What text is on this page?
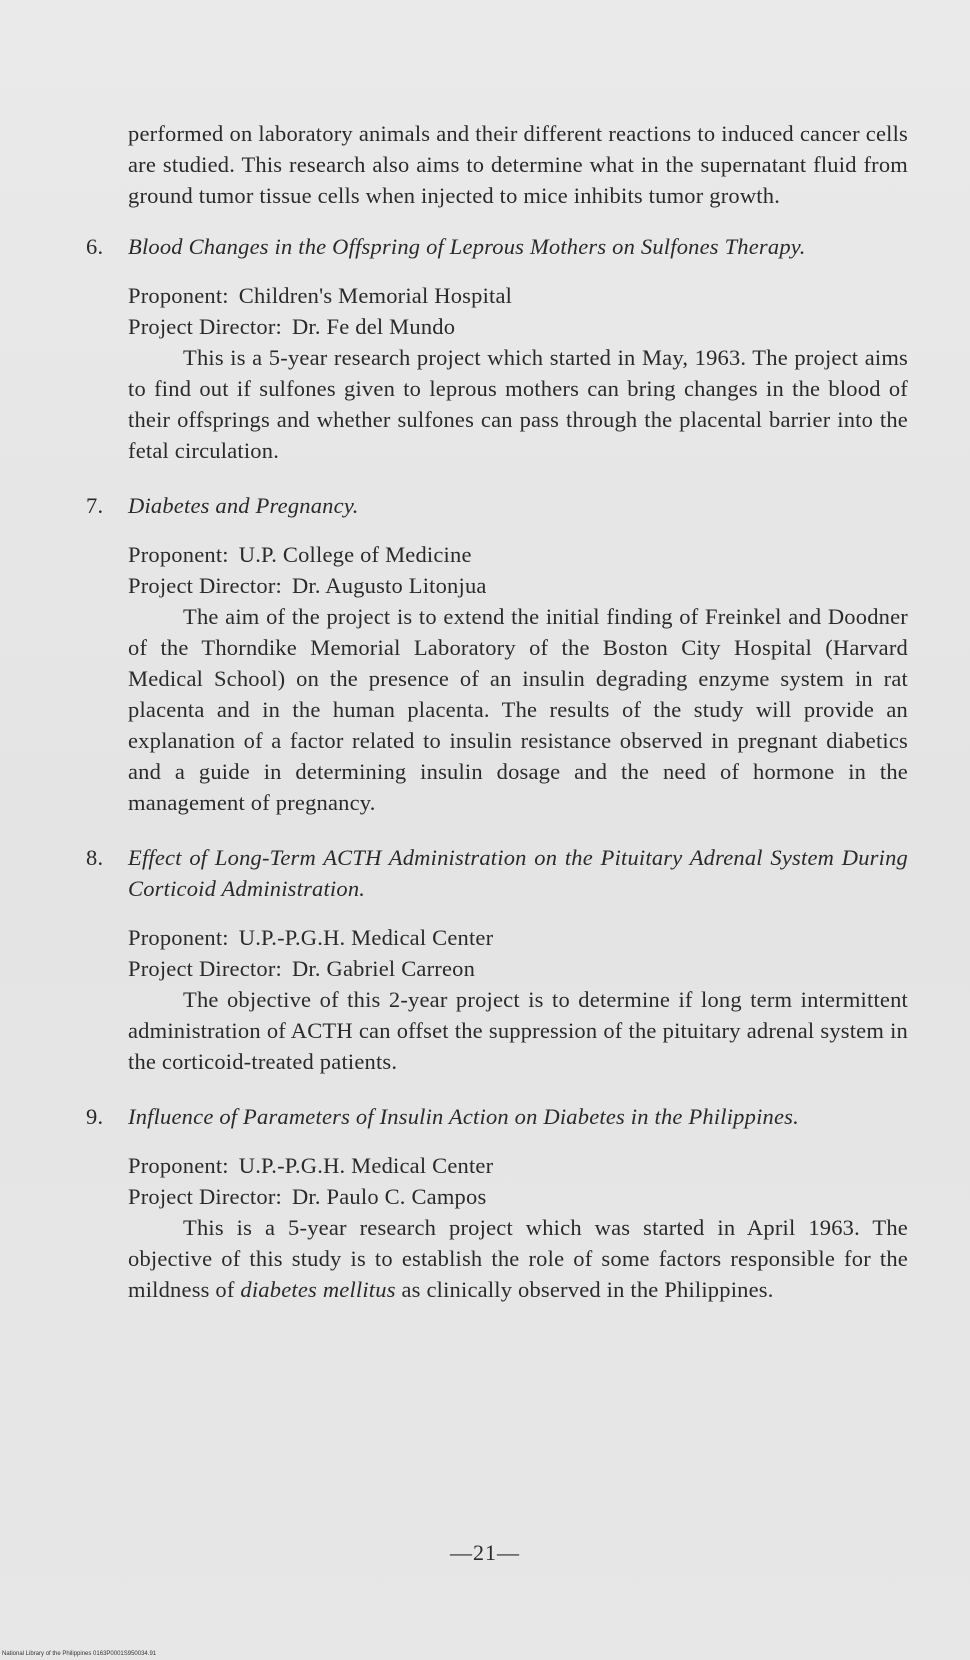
performed on laboratory animals and their different reactions to induced cancer cells are studied. This research also aims to determine what in the supernatant fluid from ground tumor tissue cells when injected to mice inhibits tumor growth.

6.	Blood Changes in the Offspring of Leprous Mothers on Sulfones Therapy.

Proponent: Children's Memorial Hospital

Project Director: Dr. Fe del Mundo

This is a 5-year research project which started in May, 1963. The project aims to find out if sulfones given to leprous mothers can bring changes in the blood of their offsprings and whether sulfones can pass through the placental barrier into the fetal circulation.

7.	Diabetes and Pregnancy.

Proponent: U.P. College of Medicine

Project Director: Dr. Augusto Litonjua

The aim of the project is to extend the initial finding of Freinkel and Doodner of the Thorndike Memorial Laboratory of the Boston City Hospital (Harvard Medical School) on the presence of an insulin degrading enzyme system in rat placenta and in the human placenta. The results of the study will provide an explanation of a factor related to insulin resistance observed in pregnant diabetics and a guide in determining insulin dosage and the need of hormone in the management of pregnancy.

8.	Effect of Long-Term ACTH Administration on the Pituitary Adrenal System During Corticoid Administration.

Proponent: U.P.-P.G.H. Medical Center

Project Director: Dr. Gabriel Carreon

The objective of this 2-year project is to determine if long term intermittent administration of ACTH can offset the suppression of the pituitary adrenal system in the corticoid-treated patients.

9.	Influence of Parameters of Insulin Action on Diabetes in the Philippines.

Proponent: U.P.-P.G.H. Medical Center

Project Director: Dr. Paulo C. Campos

This is a 5-year research project which was started in April 1963. The objective of this study is to establish the role of some factors responsible for the mildness of diabetes mellitus as clinically observed in the Philippines.

—21—
National Library of the Philippines 0163P0001S950034.91
